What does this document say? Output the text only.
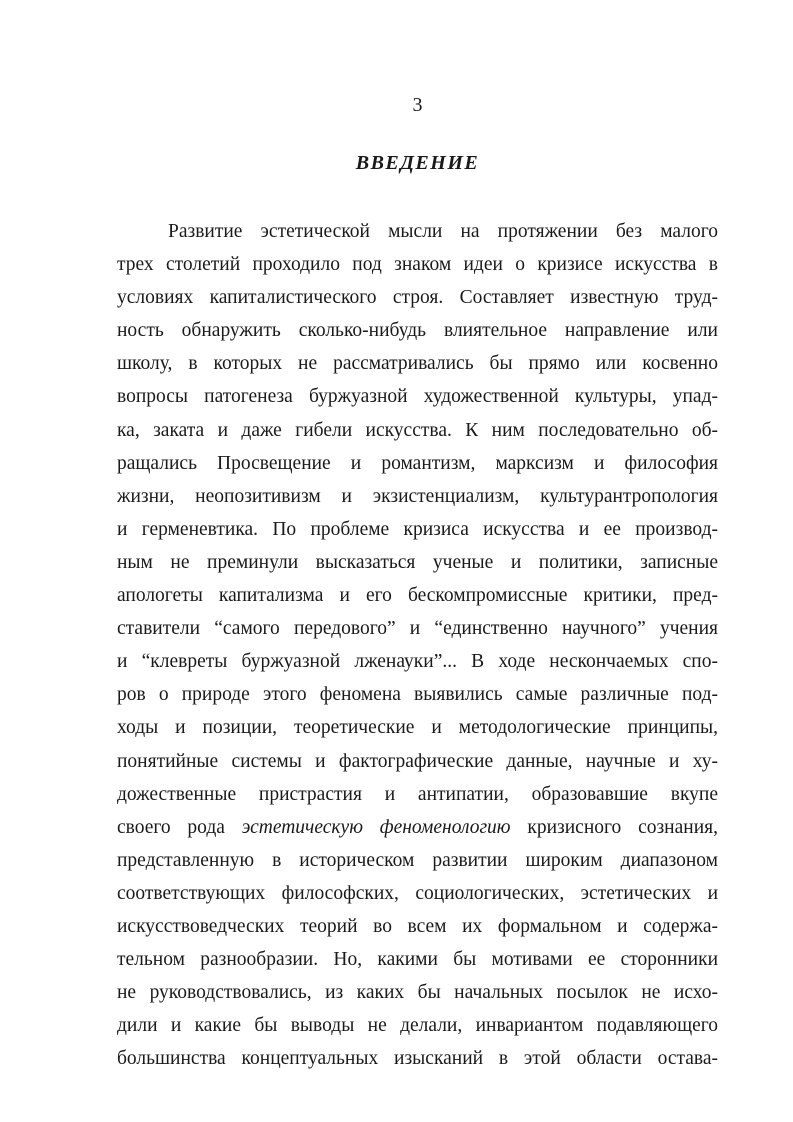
3
ВВЕДЕНИЕ
Развитие эстетической мысли на протяжении без малого
трех столетий проходило под знаком идеи о кризисе искусства в
условиях капиталистического строя. Составляет известную труд-
ность обнаружить сколько-нибудь влиятельное направление или
школу, в которых не рассматривались бы прямо или косвенно
вопросы патогенеза буржуазной художественной культуры, упад-
ка, заката и даже гибели искусства. К ним последовательно об-
ращались Просвещение и романтизм, марксизм и философия
жизни, неопозитивизм и экзистенциализм, культурантропология
и герменевтика. По проблеме кризиса искусства и ее производ-
ным не преминули высказаться ученые и политики, записные
апологеты капитализма и его бескомпромиссные критики, пред-
ставители “самого передового” и “единственно научного” учения
и “клевреты буржуазной лженауки”... В ходе нескончаемых спо-
ров о природе этого феномена выявились самые различные под-
ходы и позиции, теоретические и методологические принципы,
понятийные системы и фактографические данные, научные и ху-
дожественные пристрастия и антипатии, образовавшие вкупе
своего рода эстетическую феноменологию кризисного сознания,
представленную в историческом развитии широким диапазоном
соответствующих философских, социологических, эстетических и
искусствоведческих теорий во всем их формальном и содержа-
тельном разнообразии. Но, какими бы мотивами ее сторонники
не руководствовались, из каких бы начальных посылок не исхо-
дили и какие бы выводы не делали, инвариантом подавляющего
большинства концептуальных изысканий в этой области остава-
